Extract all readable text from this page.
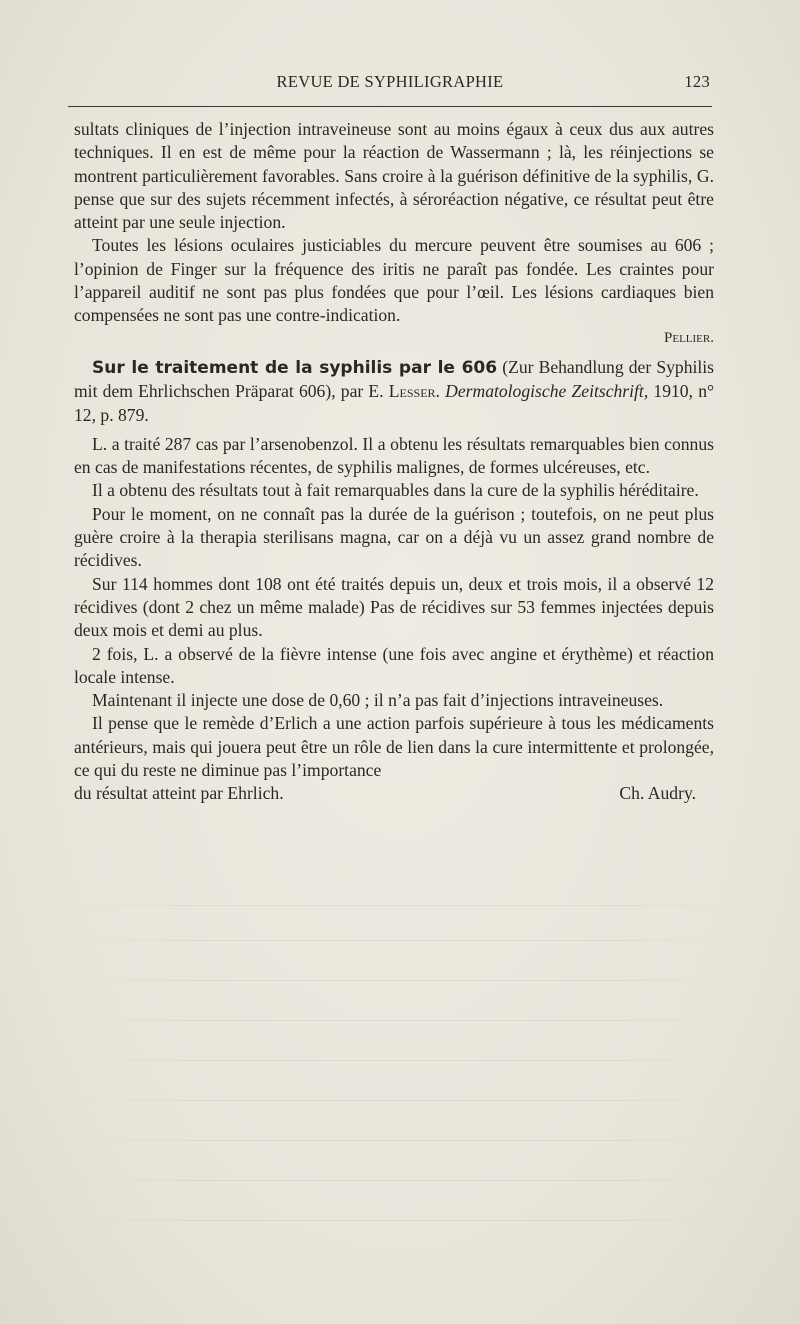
REVUE DE SYPHILIGRAPHIE	123

sultats cliniques de l’injection intraveineuse sont au moins égaux à ceux dus aux autres techniques. Il en est de même pour la réaction de Wassermann ; là, les réinjections se montrent particulièrement favorables. Sans croire à la guérison définitive de la syphilis, G. pense que sur des sujets récemment infectés, à séroréaction négative, ce résultat peut être atteint par une seule injection.

Toutes les lésions oculaires justiciables du mercure peuvent être soumises au 606 ; l’opinion de Finger sur la fréquence des iritis ne paraît pas fondée. Les craintes pour l’appareil auditif ne sont pas plus fondées que pour l’œil. Les lésions cardiaques bien compensées ne sont pas une contre-indication.

Pellier.

Sur le traitement de la syphilis par le 606 (Zur Behandlung der Syphilis mit dem Ehrlichschen Präparat 606), par E. Lesser. Dermatologische Zeitschrift, 1910, n° 12, p. 879.

L. a traité 287 cas par l’arsenobenzol. Il a obtenu les résultats remarquables bien connus en cas de manifestations récentes, de syphilis malignes, de formes ulcéreuses, etc.

Il a obtenu des résultats tout à fait remarquables dans la cure de la syphilis héréditaire.

Pour le moment, on ne connaît pas la durée de la guérison ; toutefois, on ne peut plus guère croire à la therapia sterilisans magna, car on a déjà vu un assez grand nombre de récidives.

Sur 114 hommes dont 108 ont été traités depuis un, deux et trois mois, il a observé 12 récidives (dont 2 chez un même malade) Pas de récidives sur 53 femmes injectées depuis deux mois et demi au plus.

2 fois, L. a observé de la fièvre intense (une fois avec angine et érythème) et réaction locale intense.

Maintenant il injecte une dose de 0,60 ; il n’a pas fait d’injections intraveineuses.

Il pense que le remède d’Erlich a une action parfois supérieure à tous les médicaments antérieurs, mais qui jouera peut être un rôle de lien dans la cure intermittente et prolongée, ce qui du reste ne diminue pas l’importance

du résultat atteint par Ehrlich.	Ch. Audry.
